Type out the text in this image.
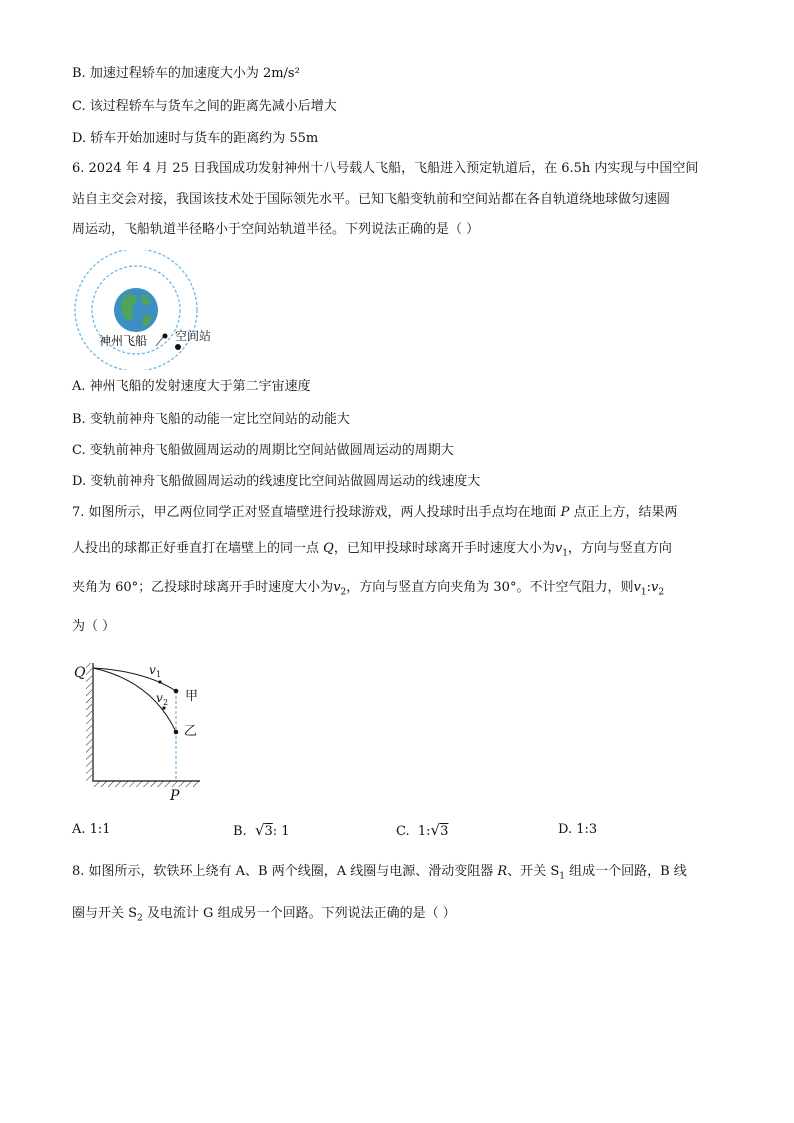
B. 加速过程轿车的加速度大小为 2m/s²
C. 该过程轿车与货车之间的距离先减小后增大
D. 轿车开始加速时与货车的距离约为 55m
6. 2024 年 4 月 25 日我国成功发射神州十八号载人飞船，飞船进入预定轨道后，在 6.5h 内实现与中国空间
站自主交会对接，我国该技术处于国际领先水平。已知飞船变轨前和空间站都在各自轨道绕地球做匀速圆
周运动，飞船轨道半径略小于空间站轨道半径。下列说法正确的是（ ）
神州飞船 空间站
A. 神州飞船的发射速度大于第二宇宙速度
B. 变轨前神舟飞船的动能一定比空间站的动能大
C. 变轨前神舟飞船做圆周运动的周期比空间站做圆周运动的周期大
D. 变轨前神舟飞船做圆周运动的线速度比空间站做圆周运动的线速度大
7. 如图所示，甲乙两位同学正对竖直墙壁进行投球游戏，两人投球时出手点均在地面 P 点正上方，结果两
人投出的球都正好垂直打在墙壁上的同一点 Q，已知甲投球时球离开手时速度大小为$v_1$，方向与竖直方向
夹角为 60°；乙投球时球离开手时速度大小为$v_2$，方向与竖直方向夹角为 30°。不计空气阻力，则$v_1:v_2$
为（ ）
Q	v 1
v 2 甲
乙
P
A. 1:1	B. √3: 1	C. 1:√3	D. 1:3
8. 如图所示，软铁环上绕有 A、B 两个线圈，A 线圈与电源、滑动变阻器 R、开关 $S_1$ 组成一个回路，B 线
圈与开关 $S_2$ 及电流计 G 组成另一个回路。下列说法正确的是（ ）
